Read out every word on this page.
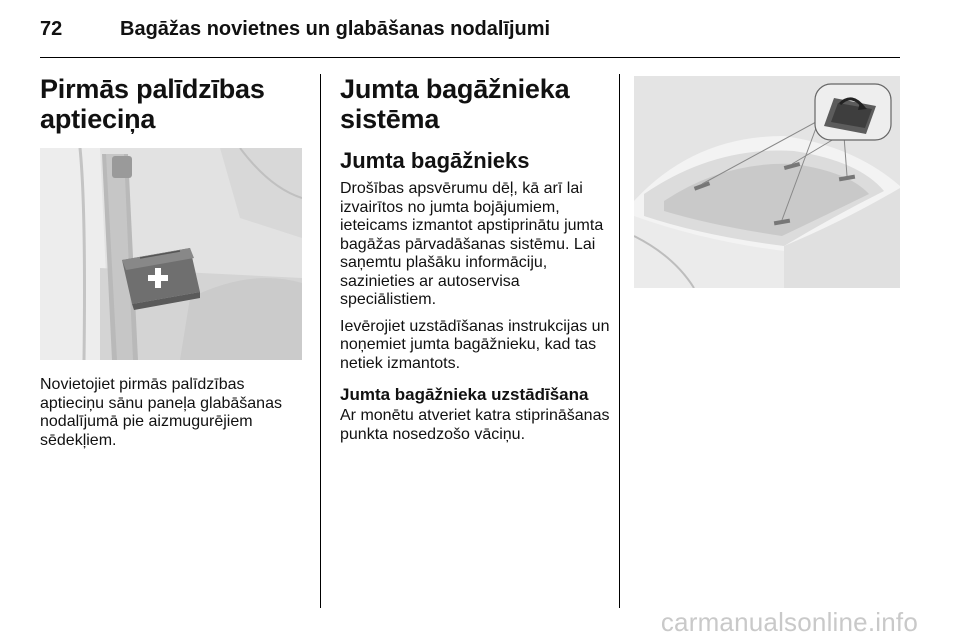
72	Bagāžas novietnes un glabāšanas nodalījumi
Pirmās palīdzības
aptieciņa

Novietojiet pirmās palīdzības aptieciņu sānu paneļa glabāšanas nodalījumā pie aizmugurējiem sēdekļiem.

Jumta bagāžnieka
sistēma
Jumta bagāžnieks

Drošības apsvērumu dēļ, kā arī lai izvairītos no jumta bojājumiem, ieteicams izmantot apstiprinātu jumta bagāžas pārvadāšanas sistēmu. Lai saņemtu plašāku informāciju, sazinieties ar autoservisa speciālistiem.

Ievērojiet uzstādīšanas instrukcijas un noņemiet jumta bagāžnieku, kad tas netiek izmantots.

Jumta bagāžnieka uzstādīšana

Ar monētu atveriet katra stiprināšanas punkta nosedzošo vāciņu.

carmanualsonline.info
